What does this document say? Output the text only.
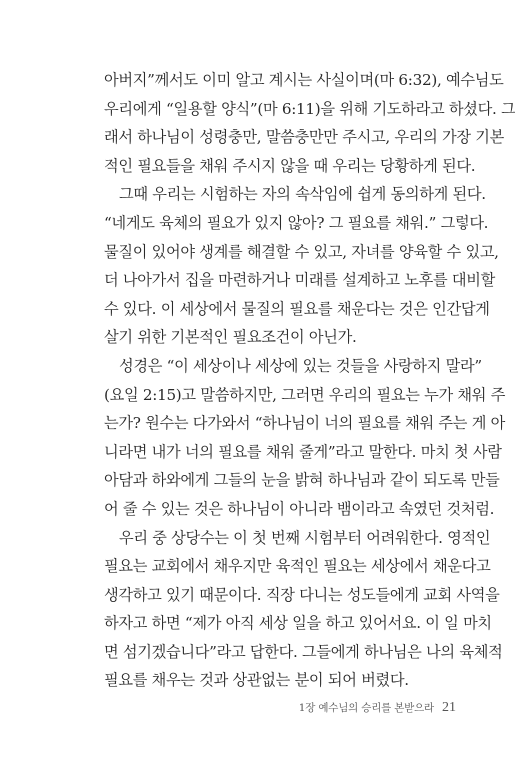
아버지”께서도 이미 알고 계시는 사실이며(마 6:32), 예수님도
우리에게 “일용할 양식”(마 6:11)을 위해 기도하라고 하셨다. 그
래서 하나님이 성령충만, 말씀충만만 주시고, 우리의 가장 기본
적인 필요들을 채워 주시지 않을 때 우리는 당황하게 된다.
그때 우리는 시험하는 자의 속삭임에 쉽게 동의하게 된다.
“네게도 육체의 필요가 있지 않아? 그 필요를 채워.” 그렇다.
물질이 있어야 생계를 해결할 수 있고, 자녀를 양육할 수 있고,
더 나아가서 집을 마련하거나 미래를 설계하고 노후를 대비할
수 있다. 이 세상에서 물질의 필요를 채운다는 것은 인간답게
살기 위한 기본적인 필요조건이 아닌가.
성경은 “이 세상이나 세상에 있는 것들을 사랑하지 말라”
(요일 2:15)고 말씀하지만, 그러면 우리의 필요는 누가 채워 주
는가? 원수는 다가와서 “하나님이 너의 필요를 채워 주는 게 아
니라면 내가 너의 필요를 채워 줄게”라고 말한다. 마치 첫 사람
아담과 하와에게 그들의 눈을 밝혀 하나님과 같이 되도록 만들
어 줄 수 있는 것은 하나님이 아니라 뱀이라고 속였던 것처럼.
우리 중 상당수는 이 첫 번째 시험부터 어려워한다. 영적인
필요는 교회에서 채우지만 육적인 필요는 세상에서 채운다고
생각하고 있기 때문이다. 직장 다니는 성도들에게 교회 사역을
하자고 하면 “제가 아직 세상 일을 하고 있어서요. 이 일 마치
면 섬기겠습니다”라고 답한다. 그들에게 하나님은 나의 육체적
필요를 채우는 것과 상관없는 분이 되어 버렸다.
1장 예수님의 승리를 본받으라 21
